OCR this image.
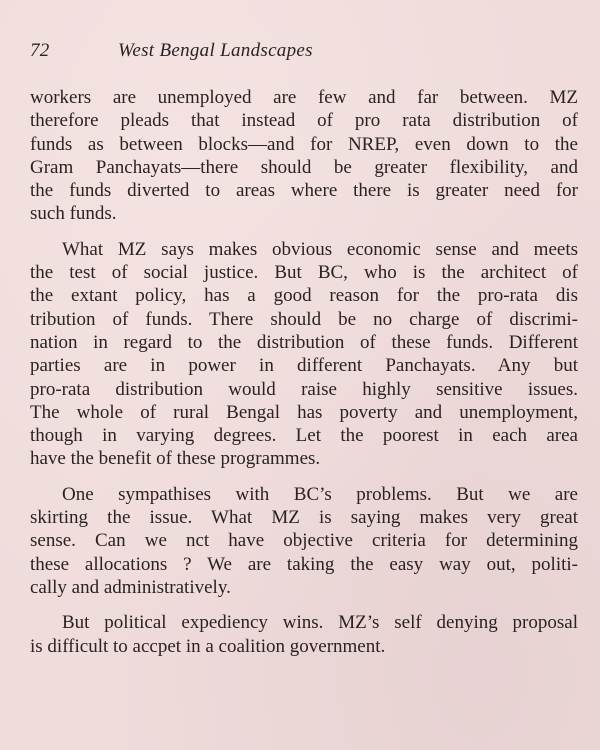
72	West Bengal Landscapes

workers are unemployed are few and far between. MZ
therefore pleads that instead of pro rata distribution of
funds as between blocks—and for NREP, even down to the
Gram Panchayats—there should be greater flexibility, and
the funds diverted to areas where there is greater need for
such funds.

What MZ says makes obvious economic sense and meets
the test of social justice. But BC, who is the architect of
the extant policy, has a good reason for the pro-rata dis
tribution of funds. There should be no charge of discrimi-
nation in regard to the distribution of these funds. Different
parties are in power in different Panchayats. Any but
pro-rata distribution would raise highly sensitive issues.
The whole of rural Bengal has poverty and unemployment,
though in varying degrees. Let the poorest in each area
have the benefit of these programmes.

One sympathises with BC’s problems. But we are
skirting the issue. What MZ is saying makes very great
sense. Can we nct have objective criteria for determining
these allocations ? We are taking the easy way out, politi-
cally and administratively.

But political expediency wins. MZ’s self denying proposal
is difficult to accpet in a coalition government.
